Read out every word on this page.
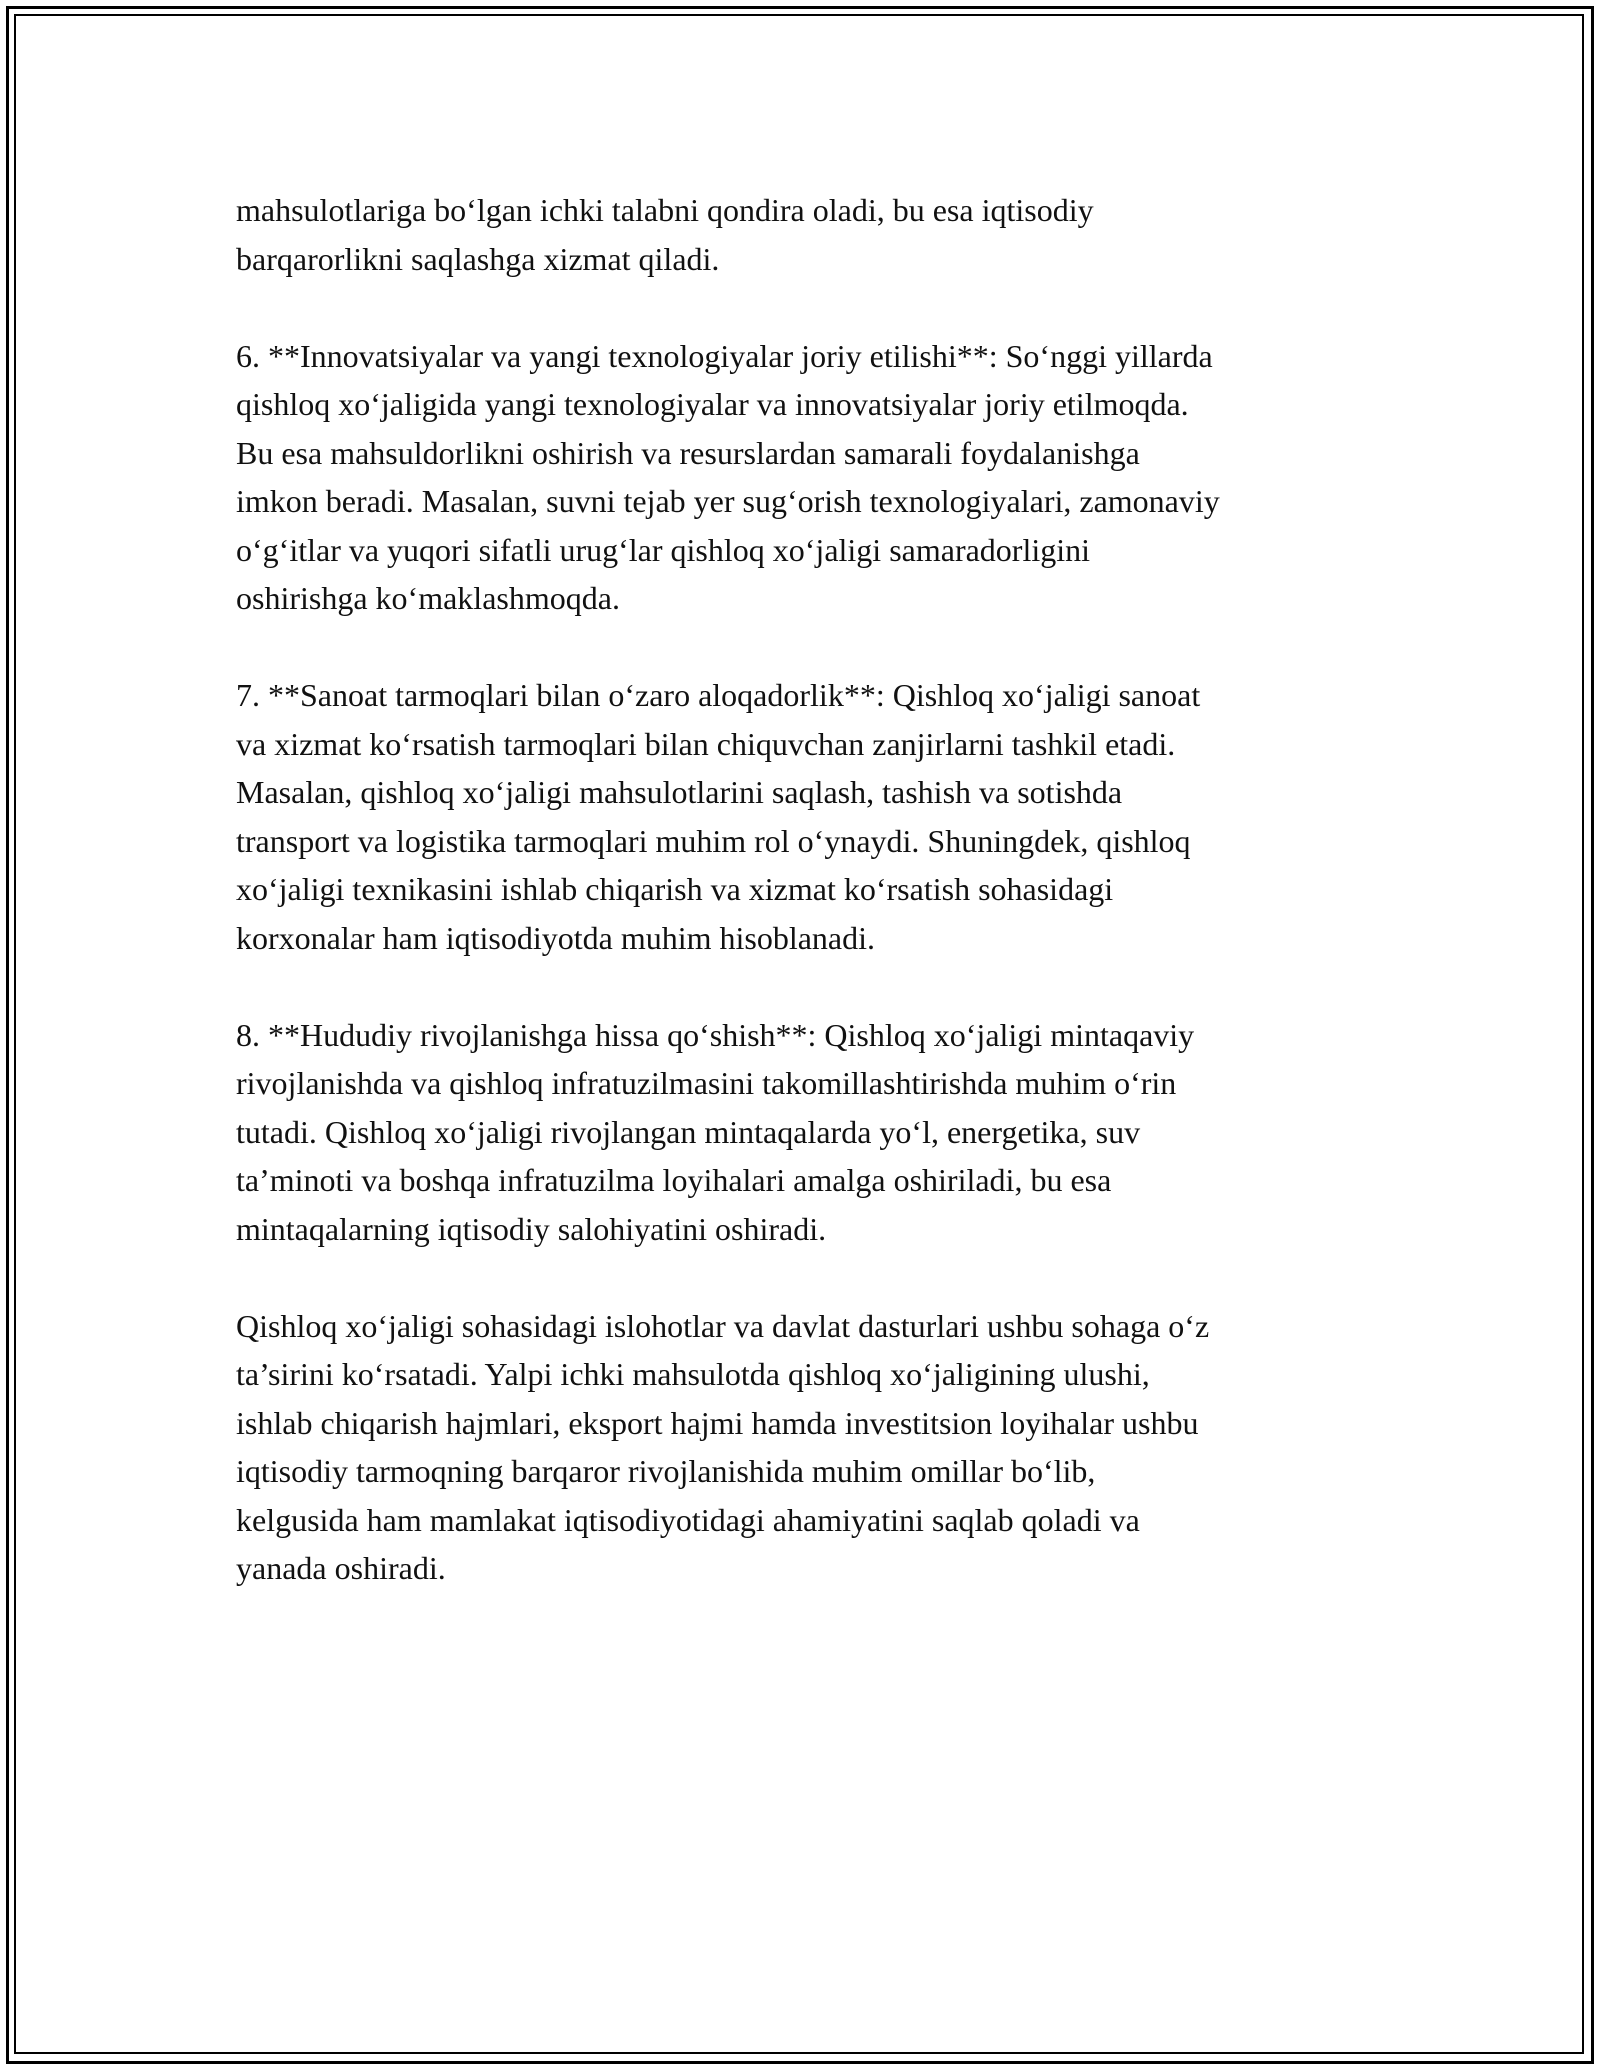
mahsulotlariga bo‘lgan ichki talabni qondira oladi, bu esa iqtisodiy
barqarorlikni saqlashga xizmat qiladi.

6. **Innovatsiyalar va yangi texnologiyalar joriy etilishi**: So‘nggi yillarda
qishloq xo‘jaligida yangi texnologiyalar va innovatsiyalar joriy etilmoqda.
Bu esa mahsuldorlikni oshirish va resurslardan samarali foydalanishga
imkon beradi. Masalan, suvni tejab yer sug‘orish texnologiyalari, zamonaviy
o‘g‘itlar va yuqori sifatli urug‘lar qishloq xo‘jaligi samaradorligini
oshirishga ko‘maklashmoqda.

7. **Sanoat tarmoqlari bilan o‘zaro aloqadorlik**: Qishloq xo‘jaligi sanoat
va xizmat ko‘rsatish tarmoqlari bilan chiquvchan zanjirlarni tashkil etadi.
Masalan, qishloq xo‘jaligi mahsulotlarini saqlash, tashish va sotishda
transport va logistika tarmoqlari muhim rol o‘ynaydi. Shuningdek, qishloq
xo‘jaligi texnikasini ishlab chiqarish va xizmat ko‘rsatish sohasidagi
korxonalar ham iqtisodiyotda muhim hisoblanadi.

8. **Hududiy rivojlanishga hissa qo‘shish**: Qishloq xo‘jaligi mintaqaviy
rivojlanishda va qishloq infratuzilmasini takomillashtirishda muhim o‘rin
tutadi. Qishloq xo‘jaligi rivojlangan mintaqalarda yo‘l, energetika, suv
ta’minoti va boshqa infratuzilma loyihalari amalga oshiriladi, bu esa
mintaqalarning iqtisodiy salohiyatini oshiradi.

Qishloq xo‘jaligi sohasidagi islohotlar va davlat dasturlari ushbu sohaga o‘z
ta’sirini ko‘rsatadi. Yalpi ichki mahsulotda qishloq xo‘jaligining ulushi,
ishlab chiqarish hajmlari, eksport hajmi hamda investitsion loyihalar ushbu
iqtisodiy tarmoqning barqaror rivojlanishida muhim omillar bo‘lib,
kelgusida ham mamlakat iqtisodiyotidagi ahamiyatini saqlab qoladi va
yanada oshiradi.
